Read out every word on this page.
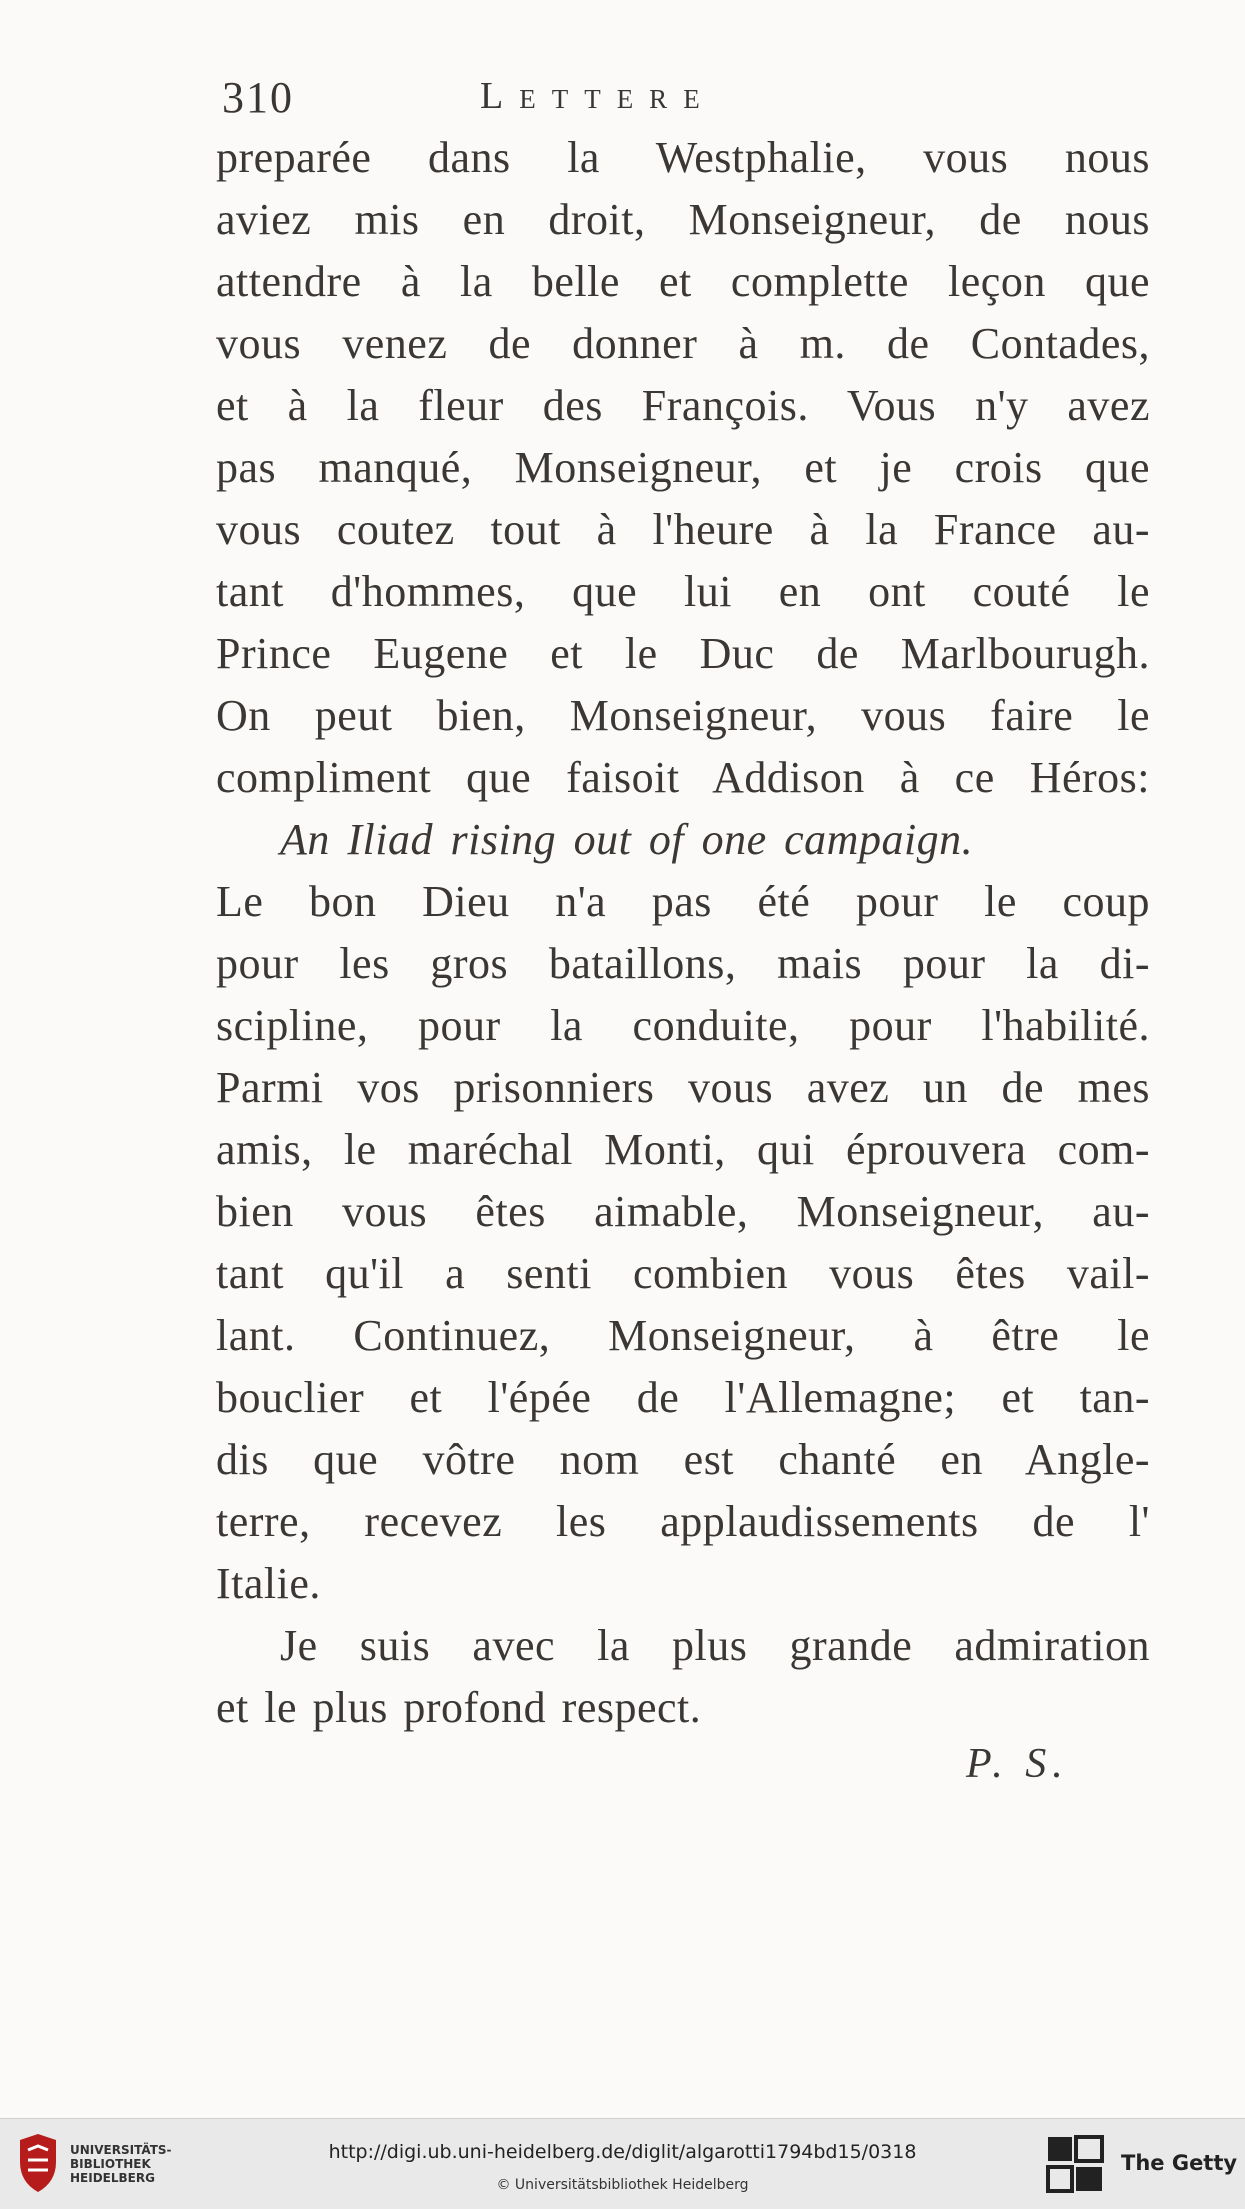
310	Lettere
preparée dans la Westphalie, vous nous
aviez mis en droit, Monseigneur, de nous
attendre à la belle et complette leçon que
vous venez de donner à m. de Contades,
et à la fleur des François. Vous n'y avez
pas manqué, Monseigneur, et je crois que
vous coutez tout à l'heure à la France au-
tant d'hommes, que lui en ont couté le
Prince Eugene et le Duc de Marlbourugh.
On peut bien, Monseigneur, vous faire le
compliment que faisoit Addison à ce Héros:
An Iliad rising out of one campaign.
Le bon Dieu n'a pas été pour le coup
pour les gros bataillons, mais pour la di-
scipline, pour la conduite, pour l'habilité.
Parmi vos prisonniers vous avez un de mes
amis, le maréchal Monti, qui éprouvera com-
bien vous êtes aimable, Monseigneur, au-
tant qu'il a senti combien vous êtes vail-
lant. Continuez, Monseigneur, à être le
bouclier et l'épée de l'Allemagne; et tan-
dis que vôtre nom est chanté en Angle-
terre, recevez les applaudissements de l'
Italie.
Je suis avec la plus grande admiration
et le plus profond respect.
P. S.
UNIVERSITÄTS-
BIBLIOTHEK
HEIDELBERG
http://digi.ub.uni-heidelberg.de/diglit/algarotti1794bd15/0318
© Universitätsbibliothek Heidelberg
The Getty
